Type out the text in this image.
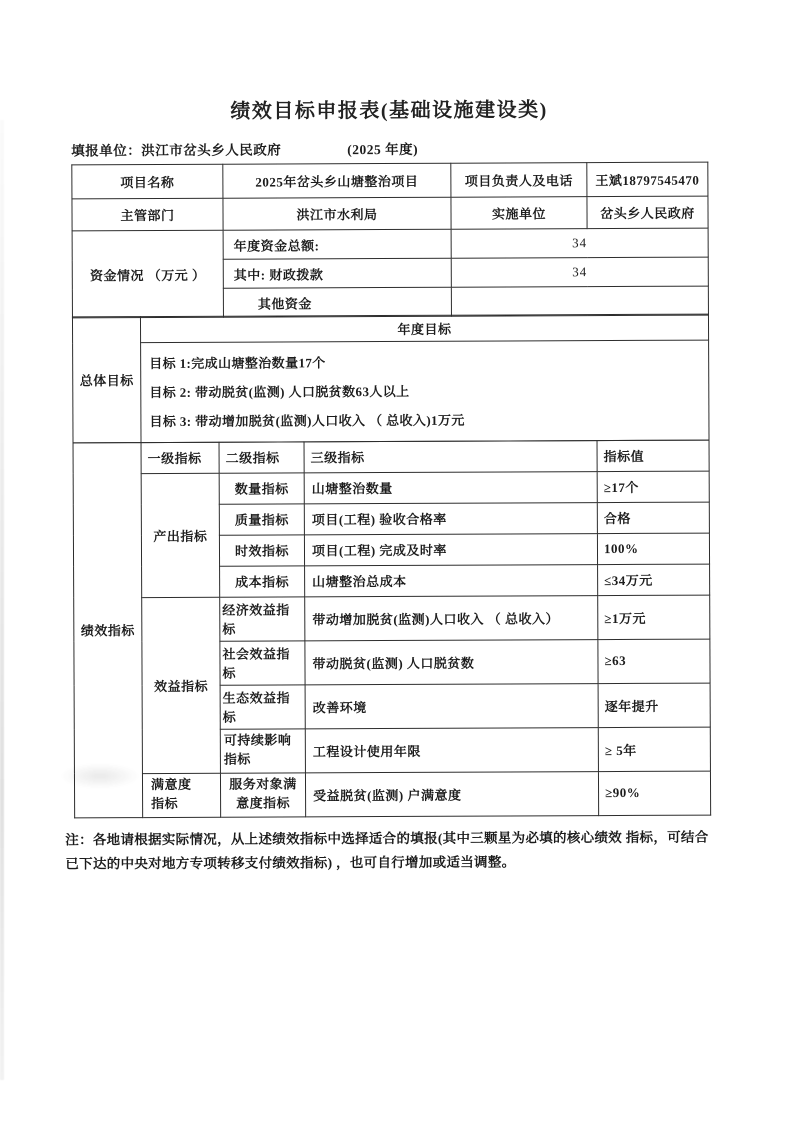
绩效目标申报表(基础设施建设类)
填报单位： 洪江市岔头乡人民政府	(2025 年度)
项目名称	2025年岔头乡山塘整治项目	项目负责人及电话	王斌18797545470
主管部门	洪江市水利局	实施单位	岔头乡人民政府
资金情况 （万元 ）	年度资金总额:	34	
	其中: 财政拨款	34	
	其他资金		
总体目标	年度目标

目标 1:完成山塘整治数量17个
目标 2: 带动脱贫(监测) 人口脱贫数63人以上
目标 3: 带动增加脱贫(监测)人口收入 （ 总收入)1万元
绩效指标	一级指标	二级指标	三级指标	指标值
	产出指标	数量指标	山塘整治数量	≥17个
		质量指标	项目(工程) 验收合格率	合格
		时效指标	项目(工程) 完成及时率	100%
		成本指标	山塘整治总成本	≤34万元
	效益指标	经济效益指标	带动增加脱贫(监测)人口收入 （ 总收入）	≥1万元
		社会效益指标	带动脱贫(监测) 人口脱贫数	≥63
		生态效益指标	改善环境	逐年提升
		可持续影响指标	工程设计使用年限	≥ 5年
	满意度指标	服务对象满意度指标	受益脱贫(监测) 户满意度	≥90%
注：各地请根据实际情况，从上述绩效指标中选择适合的填报(其中三颗星为必填的核心绩效 指标，可结合已下达的中央对地方专项转移支付绩效指标) ，也可自行增加或适当调整。
